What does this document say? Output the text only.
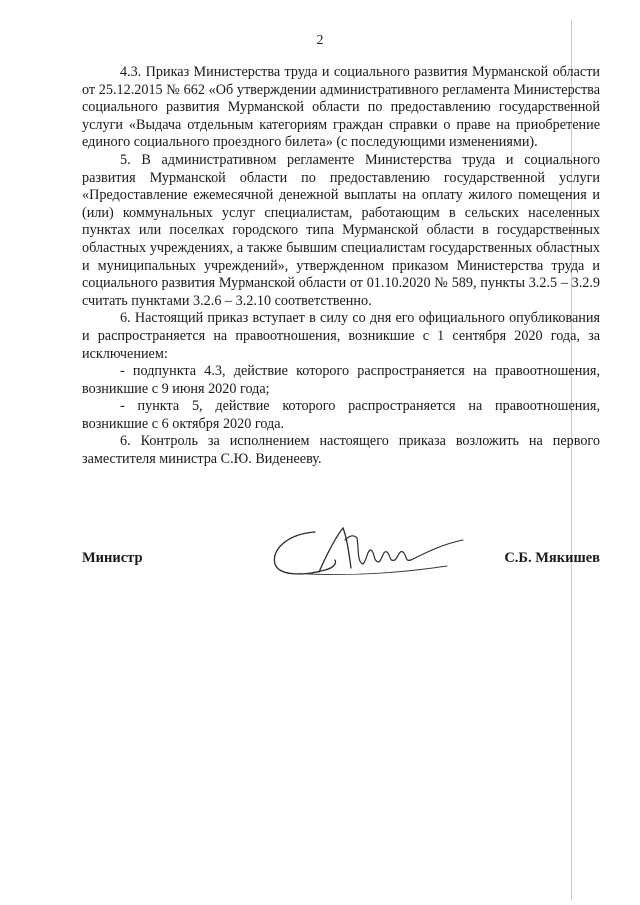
2

4.3. Приказ Министерства труда и социального развития Мурманской области от 25.12.2015 № 662 «Об утверждении административного регламента Министерства социального развития Мурманской области по предоставлению государственной услуги «Выдача отдельным категориям граждан справки о праве на приобретение единого социального проездного билета» (с последующими изменениями).

5. В административном регламенте Министерства труда и социального развития Мурманской области по предоставлению государственной услуги «Предоставление ежемесячной денежной выплаты на оплату жилого помещения и (или) коммунальных услуг специалистам, работающим в сельских населенных пунктах или поселках городского типа Мурманской области в государственных областных учреждениях, а также бывшим специалистам государственных областных и муниципальных учреждений», утвержденном приказом Министерства труда и социального развития Мурманской области от 01.10.2020 № 589, пункты 3.2.5 – 3.2.9 считать пунктами 3.2.6 – 3.2.10 соответственно.

6. Настоящий приказ вступает в силу со дня его официального опубликования и распространяется на правоотношения, возникшие с 1 сентября 2020 года, за исключением:

- подпункта 4.3, действие которого распространяется на правоотношения, возникшие с 9 июня 2020 года;

- пункта 5, действие которого распространяется на правоотношения, возникшие с 6 октября 2020 года.

6. Контроль за исполнением настоящего приказа возложить на первого заместителя министра С.Ю. Виденееву.

Министр	С.Б. Мякишев
